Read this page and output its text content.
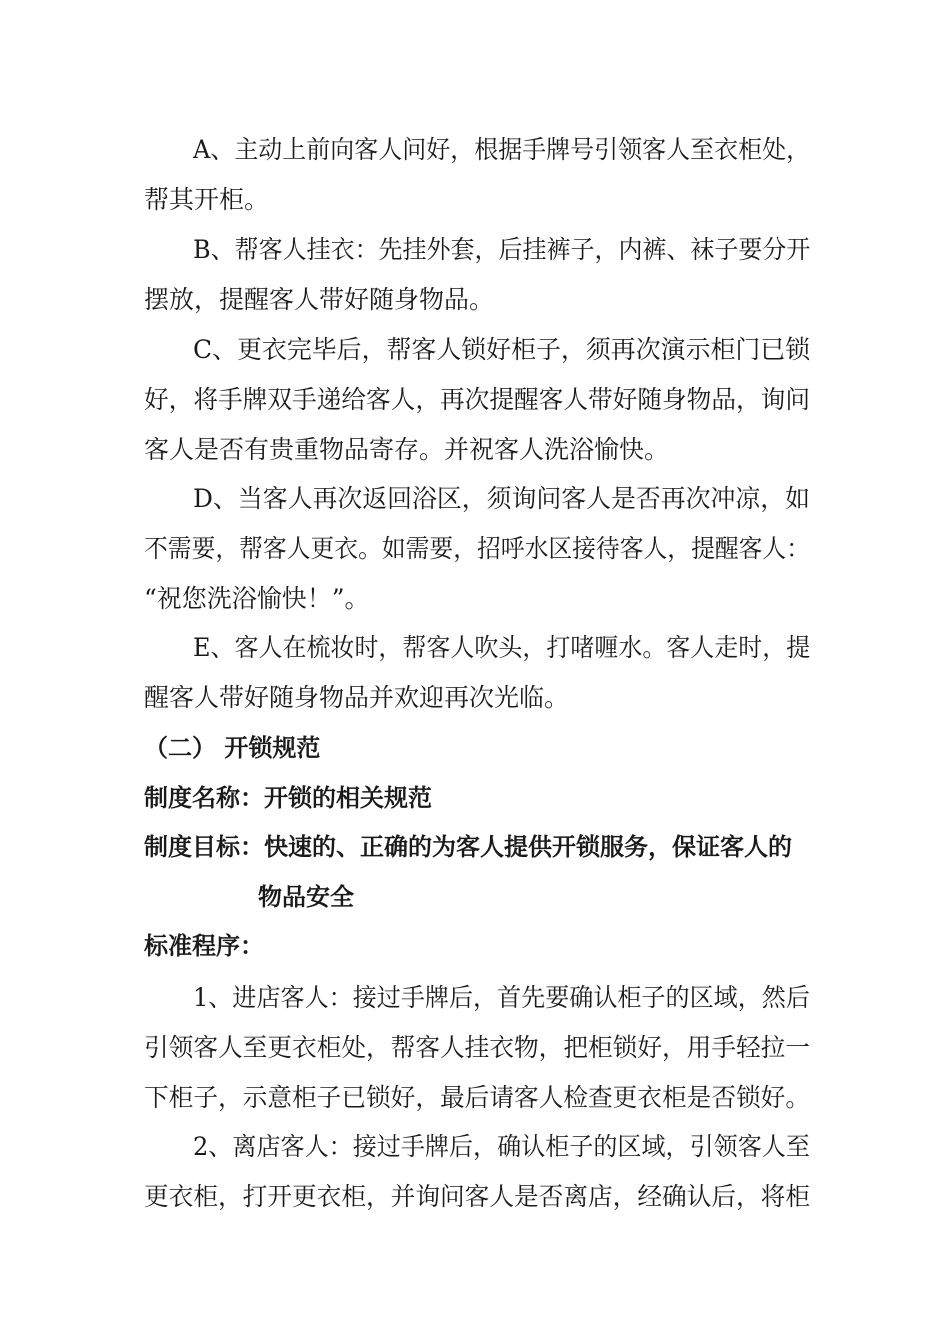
A、主动上前向客人问好，根据手牌号引领客人至衣柜处，
帮其开柜。
B、帮客人挂衣：先挂外套，后挂裤子，内裤、袜子要分开
摆放，提醒客人带好随身物品。
C、更衣完毕后，帮客人锁好柜子，须再次演示柜门已锁
好，将手牌双手递给客人，再次提醒客人带好随身物品，询问
客人是否有贵重物品寄存。并祝客人洗浴愉快。
D、当客人再次返回浴区，须询问客人是否再次冲凉，如
不需要，帮客人更衣。如需要，招呼水区接待客人，提醒客人：
“祝您洗浴愉快！”。
E、客人在梳妆时，帮客人吹头，打啫喱水。客人走时，提
醒客人带好随身物品并欢迎再次光临。
（二） 开锁规范
制度名称：开锁的相关规范
制度目标：快速的、正确的为客人提供开锁服务，保证客人的
物品安全
标准程序：
1、进店客人：接过手牌后，首先要确认柜子的区域，然后
引领客人至更衣柜处，帮客人挂衣物，把柜锁好，用手轻拉一
下柜子，示意柜子已锁好，最后请客人检查更衣柜是否锁好。
2、离店客人：接过手牌后，确认柜子的区域，引领客人至
更衣柜，打开更衣柜，并询问客人是否离店，经确认后，将柜
